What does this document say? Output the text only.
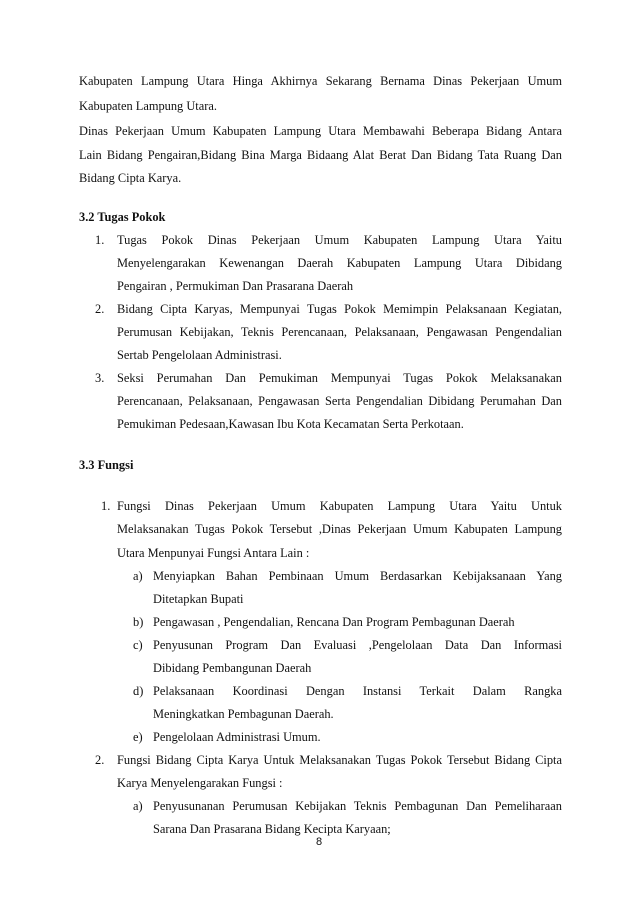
Kabupaten Lampung Utara Hinga Akhirnya Sekarang Bernama Dinas Pekerjaan Umum
Kabupaten Lampung Utara.
Dinas Pekerjaan Umum Kabupaten Lampung Utara Membawahi Beberapa Bidang Antara
Lain Bidang Pengairan,Bidang Bina Marga Bidaang Alat Berat Dan Bidang Tata Ruang Dan
Bidang Cipta Karya.
3.2 Tugas Pokok
1. Tugas Pokok Dinas Pekerjaan Umum Kabupaten Lampung Utara Yaitu
Menyelengarakan Kewenangan Daerah Kabupaten Lampung Utara Dibidang
Pengairan , Permukiman Dan Prasarana Daerah
2. Bidang Cipta Karyas, Mempunyai Tugas Pokok Memimpin Pelaksanaan Kegiatan,
Perumusan Kebijakan, Teknis Perencanaan, Pelaksanaan, Pengawasan Pengendalian
Sertab Pengelolaan Administrasi.
3. Seksi Perumahan Dan Pemukiman Mempunyai Tugas Pokok Melaksanakan
Perencanaan, Pelaksanaan, Pengawasan Serta Pengendalian Dibidang Perumahan Dan
Pemukiman Pedesaan,Kawasan Ibu Kota Kecamatan Serta Perkotaan.
3.3 Fungsi
1. Fungsi Dinas Pekerjaan Umum Kabupaten Lampung Utara Yaitu Untuk
Melaksanakan Tugas Pokok Tersebut ,Dinas Pekerjaan Umum Kabupaten Lampung
Utara Menpunyai Fungsi Antara Lain :
a) Menyiapkan Bahan Pembinaan Umum Berdasarkan Kebijaksanaan Yang
Ditetapkan Bupati
b) Pengawasan , Pengendalian, Rencana Dan Program Pembagunan Daerah
c) Penyusunan Program Dan Evaluasi ,Pengelolaan Data Dan Informasi
Dibidang Pembangunan Daerah
d) Pelaksanaan Koordinasi Dengan Instansi Terkait Dalam Rangka
Meningkatkan Pembagunan Daerah.
e) Pengelolaan Administrasi Umum.
2. Fungsi Bidang Cipta Karya Untuk Melaksanakan Tugas Pokok Tersebut Bidang Cipta
Karya Menyelengarakan Fungsi :
a) Penyusunanan Perumusan Kebijakan Teknis Pembagunan Dan Pemeliharaan
Sarana Dan Prasarana Bidang Kecipta Karyaan;
8
